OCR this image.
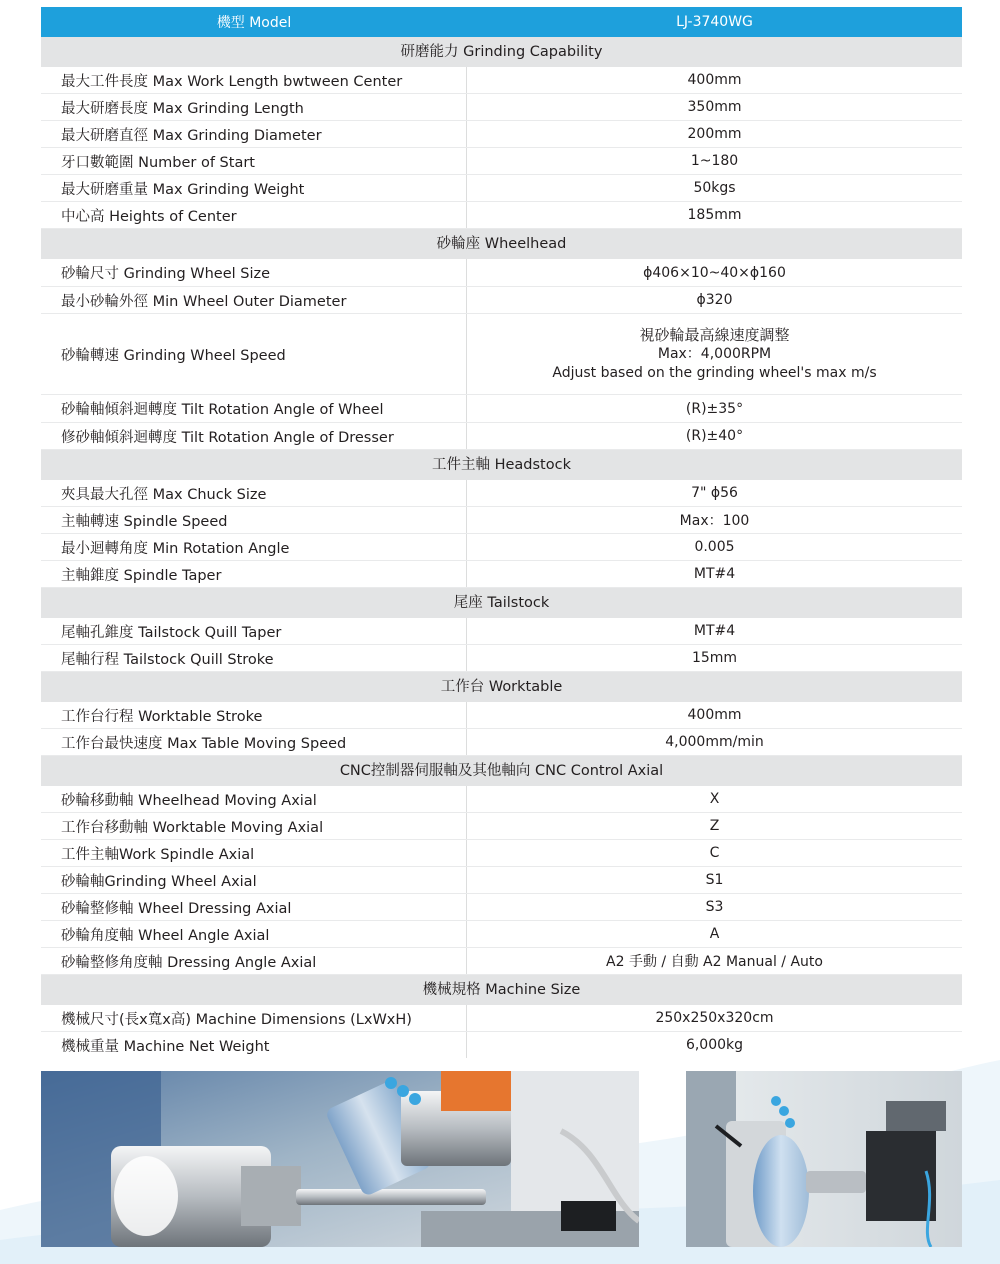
機型 Model	LJ-3740WG
研磨能力 Grinding Capability
最大工件長度 Max Work Length bwtween Center	400mm
最大研磨長度 Max Grinding Length	350mm
最大研磨直徑 Max Grinding Diameter	200mm
牙口數範圍 Number of Start	1~180
最大研磨重量 Max Grinding Weight	50kgs
中心高 Heights of Center	185mm
砂輪座 Wheelhead
砂輪尺寸 Grinding Wheel Size	ϕ406×10~40×ϕ160
最小砂輪外徑 Min Wheel Outer Diameter	ϕ320
砂輪轉速 Grinding Wheel Speed
視砂輪最高線速度調整
Max：4,000RPM
Adjust based on the grinding wheel's max m/s
砂輪軸傾斜迴轉度 Tilt Rotation Angle of Wheel	(R)±35°
修砂軸傾斜迴轉度 Tilt Rotation Angle of Dresser	(R)±40°
工件主軸 Headstock
夾具最大孔徑 Max Chuck Size	7" ϕ56
主軸轉速 Spindle Speed	Max：100
最小迴轉角度 Min Rotation Angle	0.005
主軸錐度 Spindle Taper	MT#4
尾座 Tailstock
尾軸孔錐度 Tailstock Quill Taper	MT#4
尾軸行程 Tailstock Quill Stroke	15mm
工作台 Worktable
工作台行程 Worktable Stroke	400mm
工作台最快速度 Max Table Moving Speed	4,000mm/min
CNC控制器伺服軸及其他軸向 CNC Control Axial
砂輪移動軸 Wheelhead Moving Axial	X
工作台移動軸 Worktable Moving Axial	Z
工件主軸Work Spindle Axial	C
砂輪軸Grinding Wheel Axial	S1
砂輪整修軸 Wheel Dressing Axial	S3
砂輪角度軸 Wheel Angle Axial	A
砂輪整修角度軸 Dressing Angle Axial	A2 手動 / 自動 A2 Manual / Auto
機械規格 Machine Size
機械尺寸(長x寬x高) Machine Dimensions (LxWxH)	250x250x320cm
機械重量 Machine Net Weight	6,000kg
